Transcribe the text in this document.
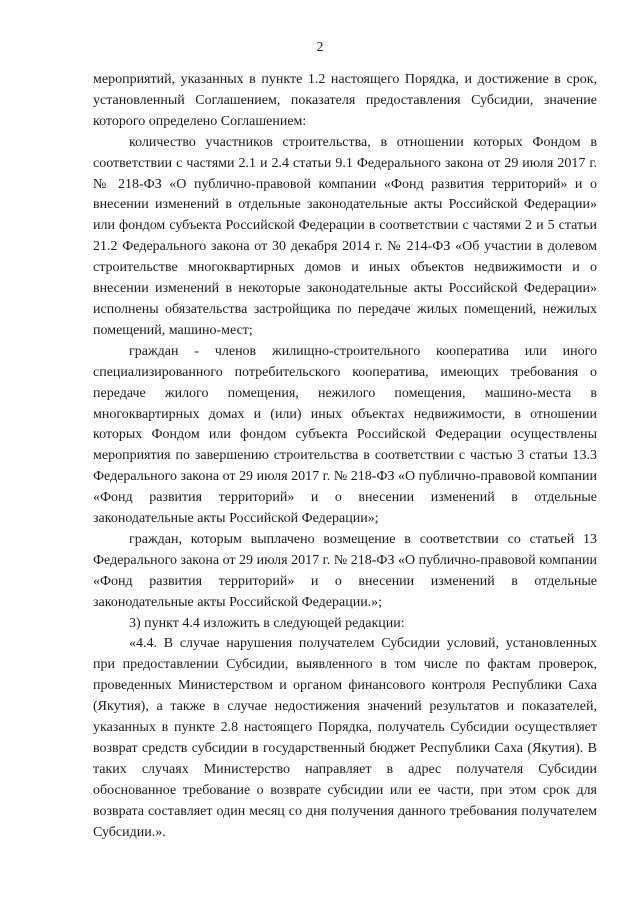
2

мероприятий, указанных в пункте 1.2 настоящего Порядка, и достижение в срок, установленный Соглашением, показателя предоставления Субсидии, значение которого определено Соглашением:

количество участников строительства, в отношении которых Фондом в соответствии с частями 2.1 и 2.4 статьи 9.1 Федерального закона от 29 июля 2017 г. № 218-ФЗ «О публично-правовой компании «Фонд развития территорий» и о внесении изменений в отдельные законодательные акты Российской Федерации» или фондом субъекта Российской Федерации в соответствии с частями 2 и 5 статьи 21.2 Федерального закона от 30 декабря 2014 г. № 214-ФЗ «Об участии в долевом строительстве многоквартирных домов и иных объектов недвижимости и о внесении изменений в некоторые законодательные акты Российской Федерации» исполнены обязательства застройщика по передаче жилых помещений, нежилых помещений, машино-мест;

граждан - членов жилищно-строительного кооператива или иного специализированного потребительского кооператива, имеющих требования о передаче жилого помещения, нежилого помещения, машино-места в многоквартирных домах и (или) иных объектах недвижимости, в отношении которых Фондом или фондом субъекта Российской Федерации осуществлены мероприятия по завершению строительства в соответствии с частью 3 статьи 13.3 Федерального закона от 29 июля 2017 г. № 218-ФЗ «О публично-правовой компании «Фонд развития территорий» и о внесении изменений в отдельные законодательные акты Российской Федерации»;

граждан, которым выплачено возмещение в соответствии со статьей 13 Федерального закона от 29 июля 2017 г. № 218-ФЗ «О публично-правовой компании «Фонд развития территорий» и о внесении изменений в отдельные законодательные акты Российской Федерации.»;

3) пункт 4.4 изложить в следующей редакции:

«4.4. В случае нарушения получателем Субсидии условий, установленных при предоставлении Субсидии, выявленного в том числе по фактам проверок, проведенных Министерством и органом финансового контроля Республики Саха (Якутия), а также в случае недостижения значений результатов и показателей, указанных в пункте 2.8 настоящего Порядка, получатель Субсидии осуществляет возврат средств субсидии в государственный бюджет Республики Саха (Якутия). В таких случаях Министерство направляет в адрес получателя Субсидии обоснованное требование о возврате субсидии или ее части, при этом срок для возврата составляет один месяц со дня получения данного требования получателем Субсидии.».
